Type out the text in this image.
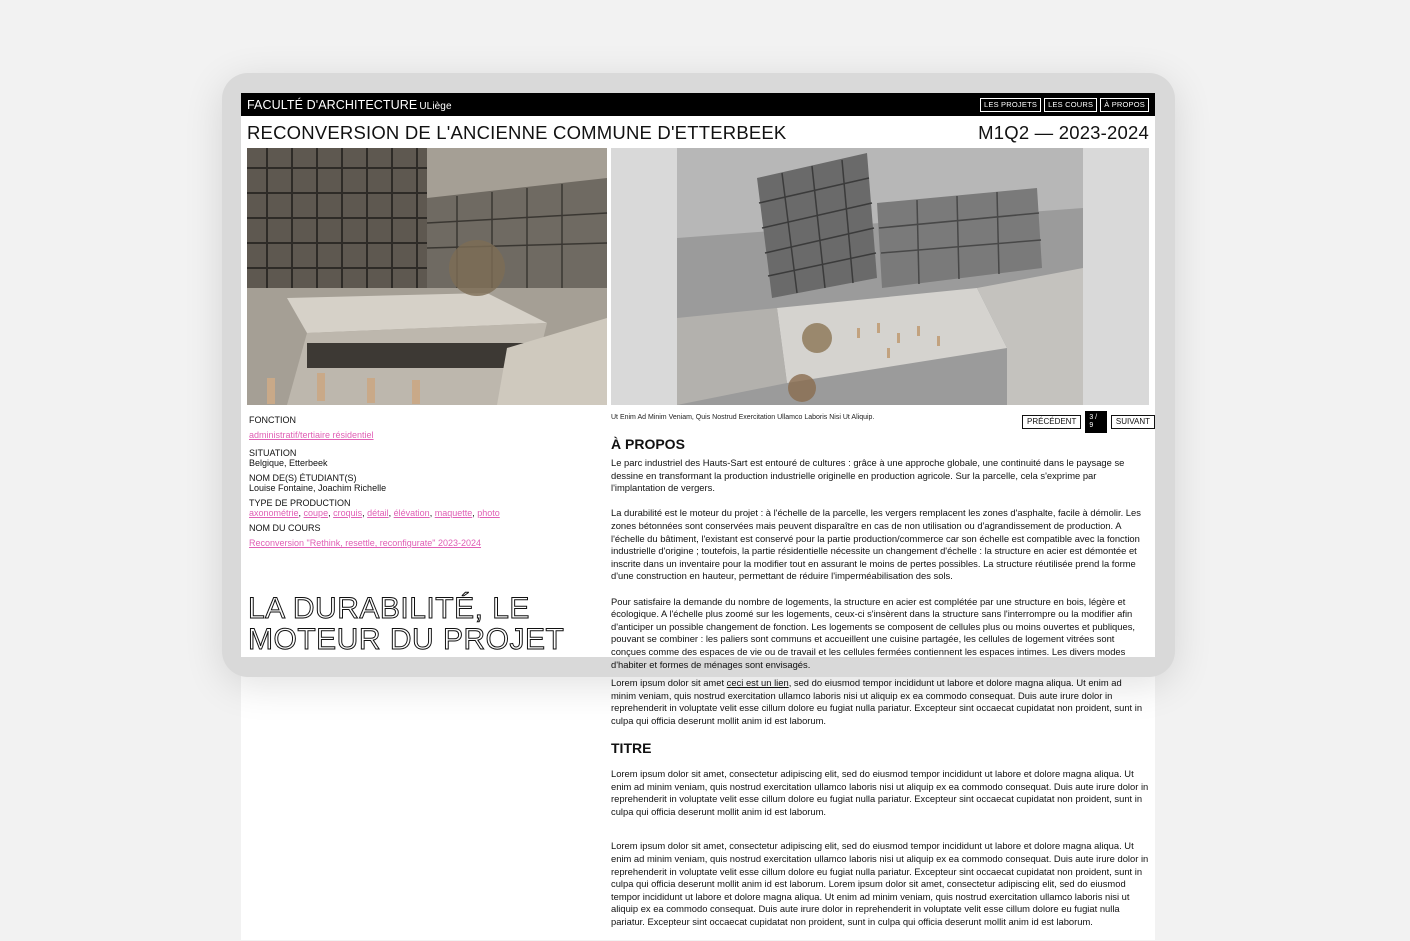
Lorem ipsum dolor sit amet ceci est un lien, sed do eiusmod tempor incididunt ut labore et dolore magna aliqua. Ut enim ad minim veniam, quis nostrud exercitation ullamco laboris nisi ut aliquip ex ea commodo consequat. Duis aute irure dolor in reprehenderit in voluptate velit esse cillum dolore eu fugiat nulla pariatur. Excepteur sint occaecat cupidatat non proident, sunt in culpa qui officia deserunt mollit anim id est laborum.

TITRE

Lorem ipsum dolor sit amet, consectetur adipiscing elit, sed do eiusmod tempor incididunt ut labore et dolore magna aliqua. Ut enim ad minim veniam, quis nostrud exercitation ullamco laboris nisi ut aliquip ex ea commodo consequat. Duis aute irure dolor in reprehenderit in voluptate velit esse cillum dolore eu fugiat nulla pariatur. Excepteur sint occaecat cupidatat non proident, sunt in culpa qui officia deserunt mollit anim id est laborum.

Lorem ipsum dolor sit amet, consectetur adipiscing elit, sed do eiusmod tempor incididunt ut labore et dolore magna aliqua. Ut enim ad minim veniam, quis nostrud exercitation ullamco laboris nisi ut aliquip ex ea commodo consequat. Duis aute irure dolor in reprehenderit in voluptate velit esse cillum dolore eu fugiat nulla pariatur. Excepteur sint occaecat cupidatat non proident, sunt in culpa qui officia deserunt mollit anim id est laborum. Lorem ipsum dolor sit amet, consectetur adipiscing elit, sed do eiusmod tempor incididunt ut labore et dolore magna aliqua. Ut enim ad minim veniam, quis nostrud exercitation ullamco laboris nisi ut aliquip ex ea commodo consequat. Duis aute irure dolor in reprehenderit in voluptate velit esse cillum dolore eu fugiat nulla pariatur. Excepteur sint occaecat cupidatat non proident, sunt in culpa qui officia deserunt mollit anim id est laborum.

FACULTÉ D'ARCHITECTURE ULiège	LES PROJETS	LES COURS	À PROPOS
RECONVERSION DE L'ANCIENNE COMMUNE D'ETTERBEEK	M1Q2 — 2023-2024
Ut Enim Ad Minim Veniam, Quis Nostrud Exercitation Ullamco Laboris Nisi Ut Aliquip.	PRÉCÉDENT	3 / 9	SUIVANT
FONCTION
administratif/tertiaire résidentiel
SITUATION
Belgique, Etterbeek
NOM DE(S) ÉTUDIANT(S)
Louise Fontaine, Joachim Richelle
TYPE DE PRODUCTION
axonométrie, coupe, croquis, détail, élévation, maquette, photo
NOM DU COURS
Reconversion "Rethink, resettle, reconfigurate" 2023-2024
LA DURABILITÉ, LE
MOTEUR DU PROJET
À PROPOS

Le parc industriel des Hauts-Sart est entouré de cultures : grâce à une approche globale, une continuité dans le paysage se dessine en transformant la production industrielle originelle en production agricole. Sur la parcelle, cela s'exprime par l'implantation de vergers.

La durabilité est le moteur du projet : à l'échelle de la parcelle, les vergers remplacent les zones d'asphalte, facile à démolir. Les zones bétonnées sont conservées mais peuvent disparaître en cas de non utilisation ou d'agrandissement de production. A l'échelle du bâtiment, l'existant est conservé pour la partie production/commerce car son échelle est compatible avec la fonction industrielle d'origine ; toutefois, la partie résidentielle nécessite un changement d'échelle : la structure en acier est démontée et inscrite dans un inventaire pour la modifier tout en assurant le moins de pertes possibles. La structure réutilisée prend la forme d'une construction en hauteur, permettant de réduire l'imperméabilisation des sols.

Pour satisfaire la demande du nombre de logements, la structure en acier est complétée par une structure en bois, légère et écologique. A l'échelle plus zoomé sur les logements, ceux-ci s'insèrent dans la structure sans l'interrompre ou la modifier afin d'anticiper un possible changement de fonction. Les logements se composent de cellules plus ou moins ouvertes et publiques, pouvant se combiner : les paliers sont communs et accueillent une cuisine partagée, les cellules de logement vitrées sont conçues comme des espaces de vie ou de travail et les cellules fermées contiennent les espaces intimes. Les divers modes d'habiter et formes de ménages sont envisagés.
